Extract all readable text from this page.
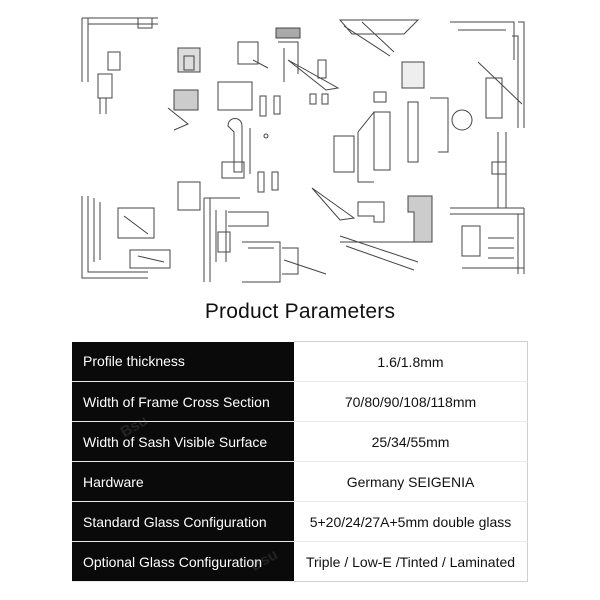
Product Parameters
Profile thickness	1.6/1.8mm
Width of Frame Cross Section	70/80/90/108/118mm
Width of Sash Visible Surface	25/34/55mm
Hardware	Germany SEIGENIA
Standard Glass Configuration	5+20/24/27A+5mm double glass
Optional Glass Configuration	Triple / Low-E /Tinted / Laminated
